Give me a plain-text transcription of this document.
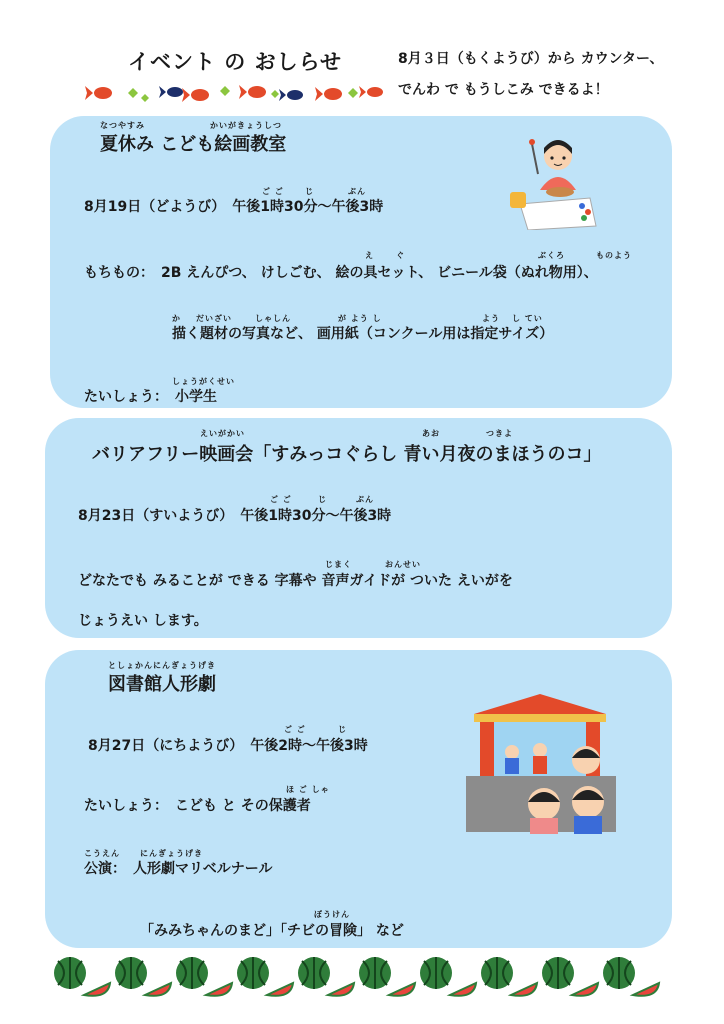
イベント の おしらせ	8月３日（もくようび）から カウンター、
でんわ で もうしこみ できるよ！
なつやすみ	かいがきょうしつ
夏休み こども絵画教室
ご ご	じ	ぷん
8月19日（どようび）　午後1時30分～午後3時
え	ぐ	ぶくろ	ものよう
もちもの：　2B えんぴつ、 けしごむ、 絵の具セット、 ビニール袋（ぬれ物用）、
か だいざい	しゃしん	が よう し	よう し てい
描く題材の写真など、 画用紙（コンクール用は指定サイズ）
しょうがくせい
たいしょう：　小学生
えいがかい	あお	つきよ
バリアフリー映画会「すみっコぐらし 青い月夜のまほうのコ」
ご ご	じ	ぷん
8月23日（すいようび）　午後1時30分～午後3時
じまく	おんせい
どなたでも みることが できる 字幕や 音声ガイドが ついた えいがを
じょうえい します。
としょかんにんぎょうげき
図書館人形劇
ご ご	じ
8月27日（にちようび）　午後2時～午後3時
ほ ご しゃ
たいしょう：　こども と その保護者
こうえん	にんぎょうげき
公演：　人形劇マリベルナール
ぼうけん
「みみちゃんのまど」「チビの冒険」 など
